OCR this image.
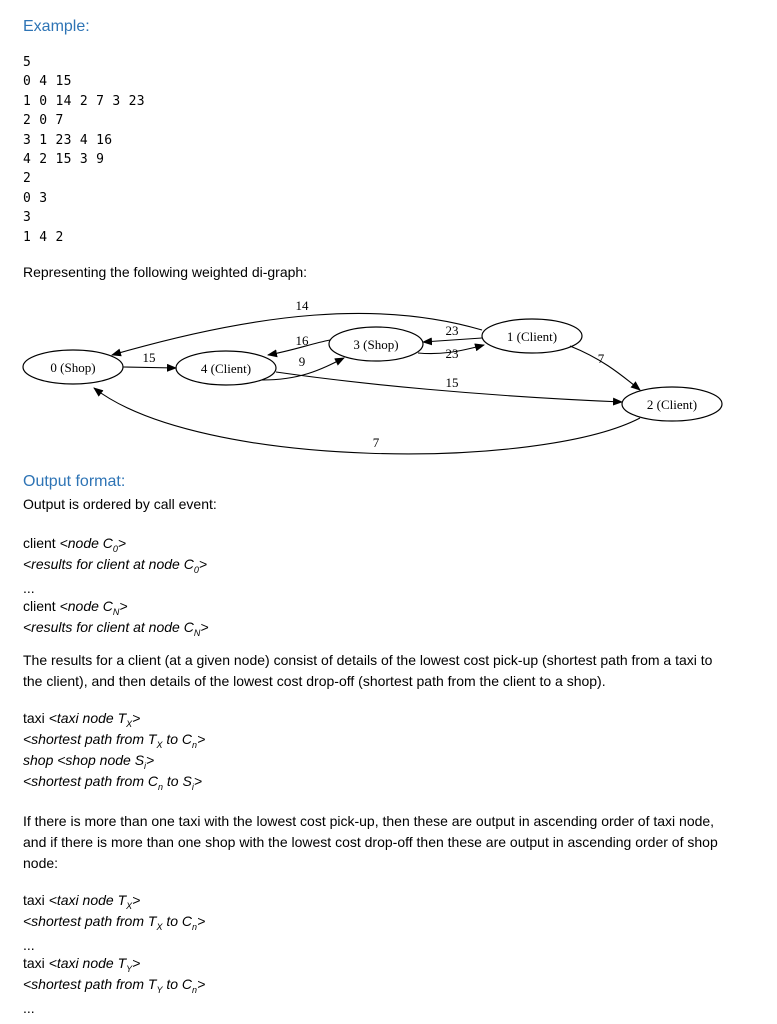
Example:
5
0 4 15
1 0 14 2 7 3 23
2 0 7
3 1 23 4 16
4 2 15 3 9
2
0 3
3
1 4 2
Representing the following weighted di-graph:
0 (Shop)	4 (Client)
3 (Shop)
1 (Client)
2 (Client)
14
15
16
9
23
23	7
15
7
Output format:
Output is ordered by call event:
client <node $C_0>$
<results for client at node $C_0>$
...
client <node $C_N>$
<results for client at node $C_N>$
The results for a client (at a given node) consist of details of the lowest cost pick-up (shortest path from a taxi to the client), and then details of the lowest cost drop-off (shortest path from the client to a shop).
taxi <taxi node $T_X>$
<shortest path from $T_X$ to $C_n>$
shop <shop node $S_i>$
<shortest path from $C_n$ to $S_i>$
If there is more than one taxi with the lowest cost pick-up, then these are output in ascending order of taxi node, and if there is more than one shop with the lowest cost drop-off then these are output in ascending order of shop node:
taxi <taxi node $T_X>$
<shortest path from $T_X$ to $C_n>$
...
taxi <taxi node $T_Y>$
<shortest path from $T_Y$ to $C_n>$
...
